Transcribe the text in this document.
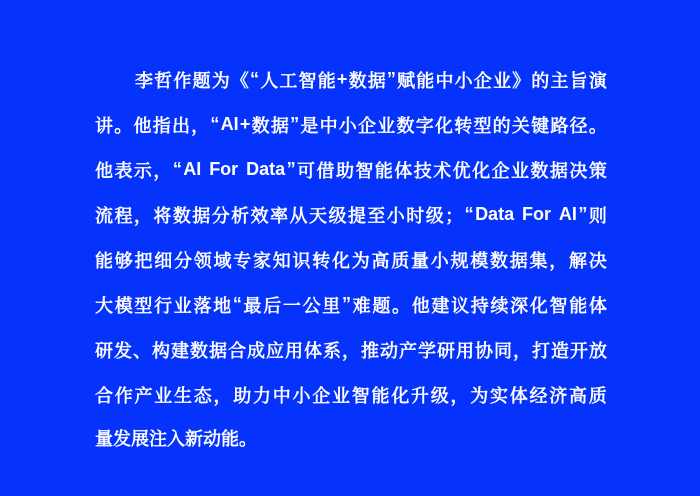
李 哲 作 题 为 《 “ 人 工 智 能 + 数 据 ” 赋 能 中 小 企 业 》 的 主 旨 演
讲 。 他 指 出 ， “ AI + 数 据 ” 是 中 小 企 业 数 字 化 转 型 的 关 键 路 径 。
他 表 示 ， “ AI
For
Data ” 可 借 助 智 能 体 技 术 优 化 企 业 数 据 决 策
流 程 ， 将 数 据 分 析 效 率 从 天 级 提 至 小 时 级 ； “ Data
For
AI ” 则
能 够 把 细 分 领 域 专 家 知 识 转 化 为 高 质 量 小 规 模 数 据 集 ， 解 决
大 模 型 行 业 落 地 “ 最 后 一 公 里 ” 难 题 。 他 建 议 持 续 深 化 智 能 体
研 发 、 构 建 数 据 合 成 应 用 体 系 ， 推 动 产 学 研 用 协 同 ， 打 造 开 放
合 作 产 业 生 态 ， 助 力 中 小 企 业 智 能 化 升 级 ， 为 实 体 经 济 高 质
量发展注入新动能。
